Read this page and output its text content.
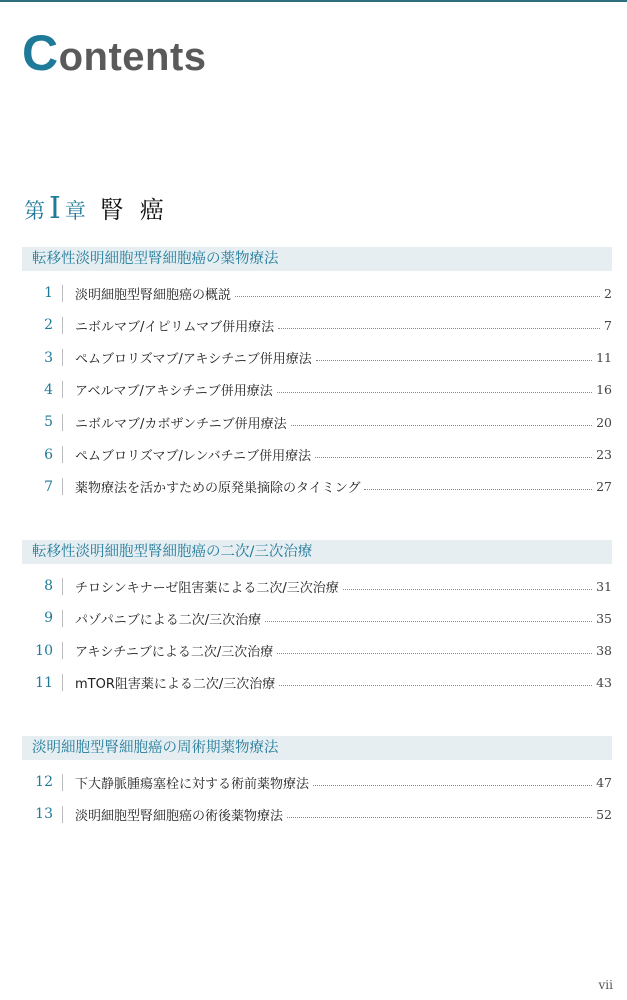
Contents
第 I 章 腎癌
転移性淡明細胞型腎細胞癌の薬物療法
1 淡明細胞型腎細胞癌の概説	2
2 ニボルマブ/イピリムマブ併用療法	7
3 ペムブロリズマブ/アキシチニブ併用療法	11
4 アベルマブ/アキシチニブ併用療法	16
5 ニボルマブ/カボザンチニブ併用療法	20
6 ペムブロリズマブ/レンバチニブ併用療法	23
7 薬物療法を活かすための原発巣摘除のタイミング	27
転移性淡明細胞型腎細胞癌の二次/三次治療
8 チロシンキナーゼ阻害薬による二次/三次治療	31
9 パゾパニブによる二次/三次治療	35
10 アキシチニブによる二次/三次治療	38
11 mTOR阻害薬による二次/三次治療	43
淡明細胞型腎細胞癌の周術期薬物療法
12 下大静脈腫瘍塞栓に対する術前薬物療法	47
13 淡明細胞型腎細胞癌の術後薬物療法	52
vii
